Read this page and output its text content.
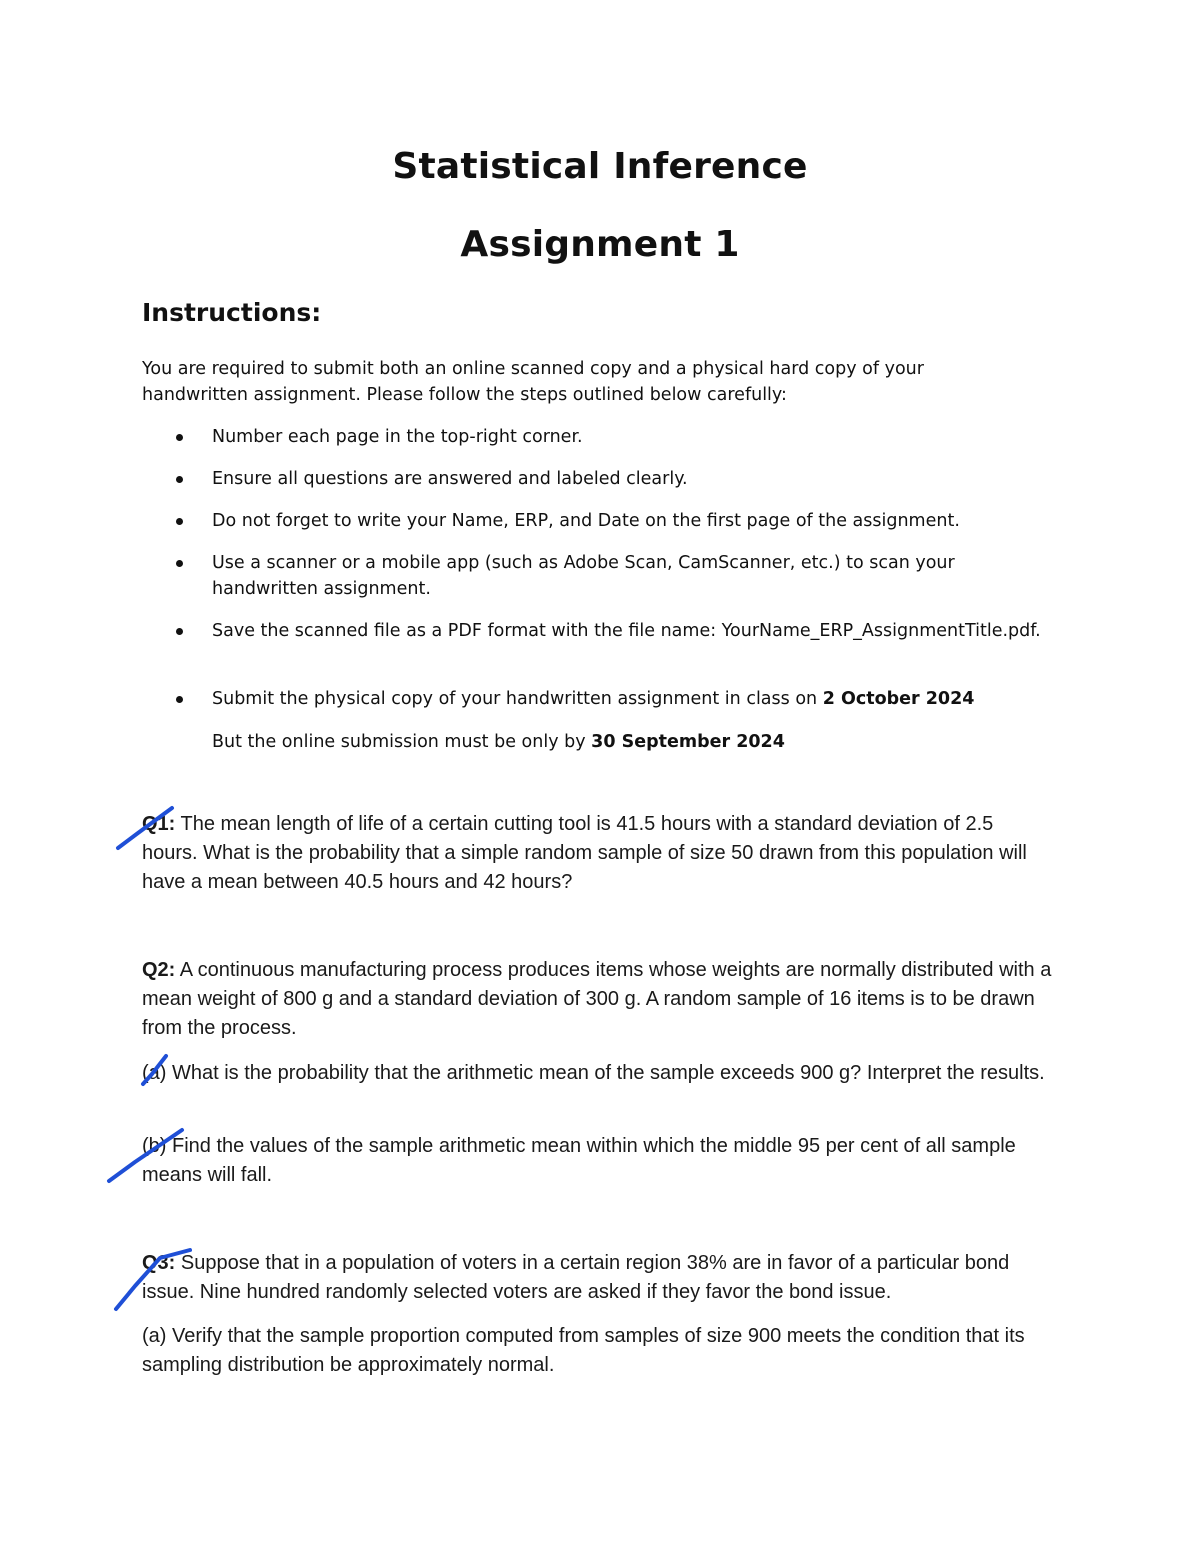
Statistical Inference
Assignment 1
Instructions:
You are required to submit both an online scanned copy and a physical hard copy of your handwritten assignment. Please follow the steps outlined below carefully:
Number each page in the top-right corner.
Ensure all questions are answered and labeled clearly.
Do not forget to write your Name, ERP, and Date on the first page of the assignment.
Use a scanner or a mobile app (such as Adobe Scan, CamScanner, etc.) to scan your handwritten assignment.
Save the scanned file as a PDF format with the file name: YourName_ERP_AssignmentTitle.pdf.
Submit the physical copy of your handwritten assignment in class on 2 October 2024
But the online submission must be only by 30 September 2024
Q1: The mean length of life of a certain cutting tool is 41.5 hours with a standard deviation of 2.5 hours. What is the probability that a simple random sample of size 50 drawn from this population will have a mean between 40.5 hours and 42 hours?
Q2: A continuous manufacturing process produces items whose weights are normally distributed with a mean weight of 800 g and a standard deviation of 300 g. A random sample of 16 items is to be drawn from the process.
(a) What is the probability that the arithmetic mean of the sample exceeds 900 g? Interpret the results.
(b) Find the values of the sample arithmetic mean within which the middle 95 per cent of all sample means will fall.
Q3: Suppose that in a population of voters in a certain region 38% are in favor of a particular bond issue. Nine hundred randomly selected voters are asked if they favor the bond issue.
(a) Verify that the sample proportion computed from samples of size 900 meets the condition that its sampling distribution be approximately normal.
